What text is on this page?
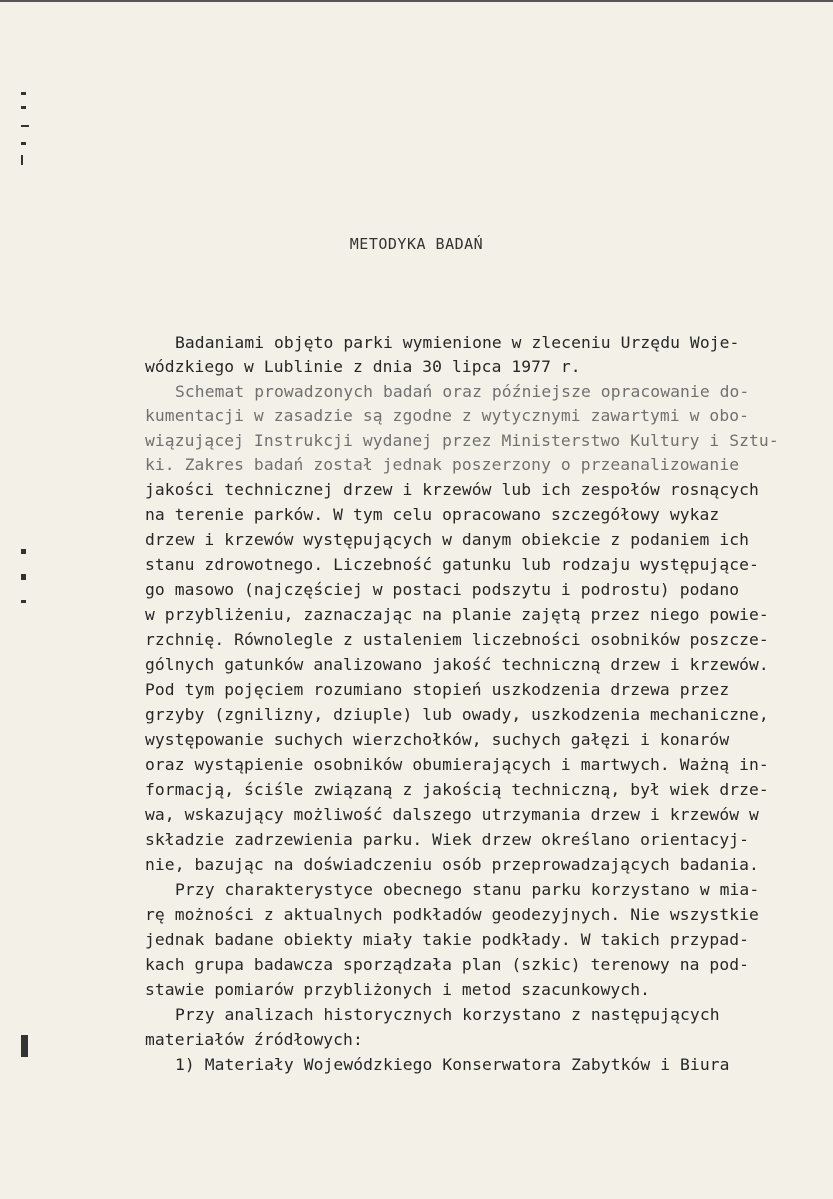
METODYKA BADAŃ
Badaniami objęto parki wymienione w zleceniu Urzędu Woje-
wódzkiego w Lublinie z dnia 30 lipca 1977 r.
Schemat prowadzonych badań oraz późniejsze opracowanie do-
kumentacji w zasadzie są zgodne z wytycznymi zawartymi w obo-
wiązującej Instrukcji wydanej przez Ministerstwo Kultury i Sztu-
ki. Zakres badań został jednak poszerzony o przeanalizowanie
jakości technicznej drzew i krzewów lub ich zespołów rosnących
na terenie parków. W tym celu opracowano szczegółowy wykaz
drzew i krzewów występujących w danym obiekcie z podaniem ich
stanu zdrowotnego. Liczebność gatunku lub rodzaju występujące-
go masowo (najczęściej w postaci podszytu i podrostu) podano
w przybliżeniu, zaznaczając na planie zajętą przez niego powie-
rzchnię. Równolegle z ustaleniem liczebności osobników poszcze-
gólnych gatunków analizowano jakość techniczną drzew i krzewów.
Pod tym pojęciem rozumiano stopień uszkodzenia drzewa przez
grzyby (zgnilizny, dziuple) lub owady, uszkodzenia mechaniczne,
występowanie suchych wierzchołków, suchych gałęzi i konarów
oraz wystąpienie osobników obumierających i martwych. Ważną in-
formacją, ściśle związaną z jakością techniczną, był wiek drze-
wa, wskazujący możliwość dalszego utrzymania drzew i krzewów w
składzie zadrzewienia parku. Wiek drzew określano orientacyj-
nie, bazując na doświadczeniu osób przeprowadzających badania.
Przy charakterystyce obecnego stanu parku korzystano w mia-
rę możności z aktualnych podkładów geodezyjnych. Nie wszystkie
jednak badane obiekty miały takie podkłady. W takich przypad-
kach grupa badawcza sporządzała plan (szkic) terenowy na pod-
stawie pomiarów przybliżonych i metod szacunkowych.
Przy analizach historycznych korzystano z następujących
materiałów źródłowych:
1) Materiały Wojewódzkiego Konserwatora Zabytków i Biura
